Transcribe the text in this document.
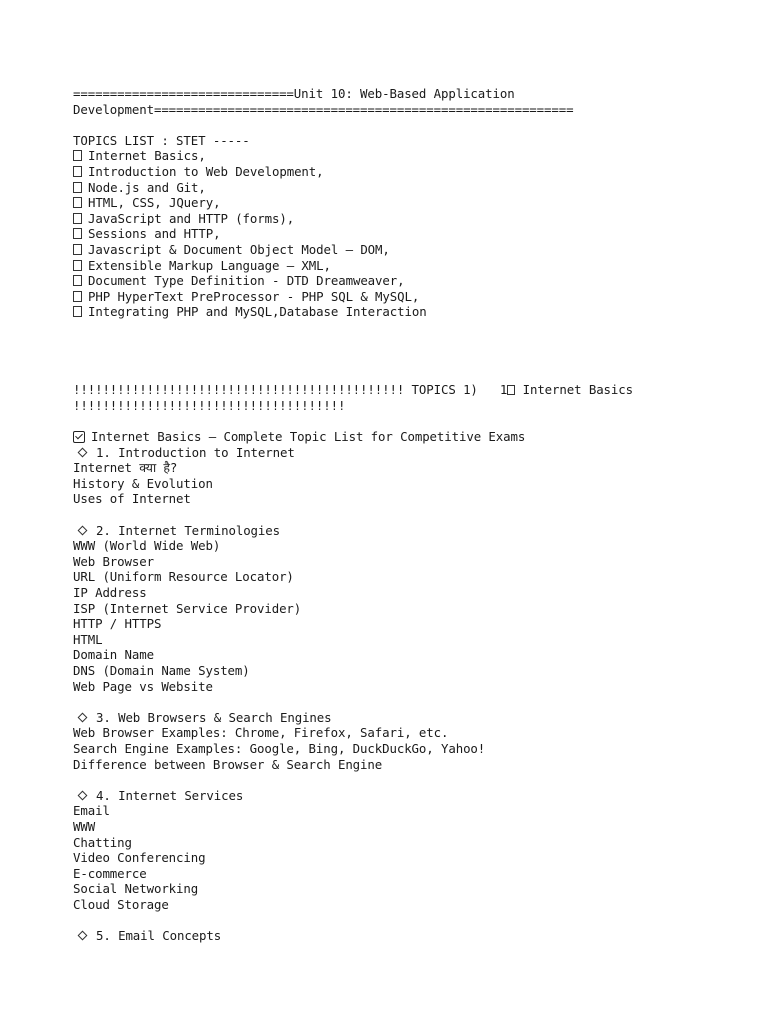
==============================Unit 10: Web-Based Application
Development=========================================================
TOPICS LIST : STET -----
Internet Basics,
Introduction to Web Development,
Node.js and Git,
HTML, CSS, JQuery,
JavaScript and HTTP (forms),
Sessions and HTTP,
Javascript & Document Object Model – DOM,
Extensible Markup Language – XML,
Document Type Definition - DTD Dreamweaver,
PHP HyperText PreProcessor - PHP SQL & MySQL,
Integrating PHP and MySQL,Database Interaction
!!!!!!!!!!!!!!!!!!!!!!!!!!!!!!!!!!!!!!!!!!!!! TOPICS 1)   1 Internet Basics
!!!!!!!!!!!!!!!!!!!!!!!!!!!!!!!!!!!!!
Internet Basics – Complete Topic List for Competitive Exams
1. Introduction to Internet
Internet क्या है?
History & Evolution
Uses of Internet
2. Internet Terminologies
WWW (World Wide Web)
Web Browser
URL (Uniform Resource Locator)
IP Address
ISP (Internet Service Provider)
HTTP / HTTPS
HTML
Domain Name
DNS (Domain Name System)
Web Page vs Website
3. Web Browsers & Search Engines
Web Browser Examples: Chrome, Firefox, Safari, etc.
Search Engine Examples: Google, Bing, DuckDuckGo, Yahoo!
Difference between Browser & Search Engine
4. Internet Services
Email
WWW
Chatting
Video Conferencing
E-commerce
Social Networking
Cloud Storage
5. Email Concepts
